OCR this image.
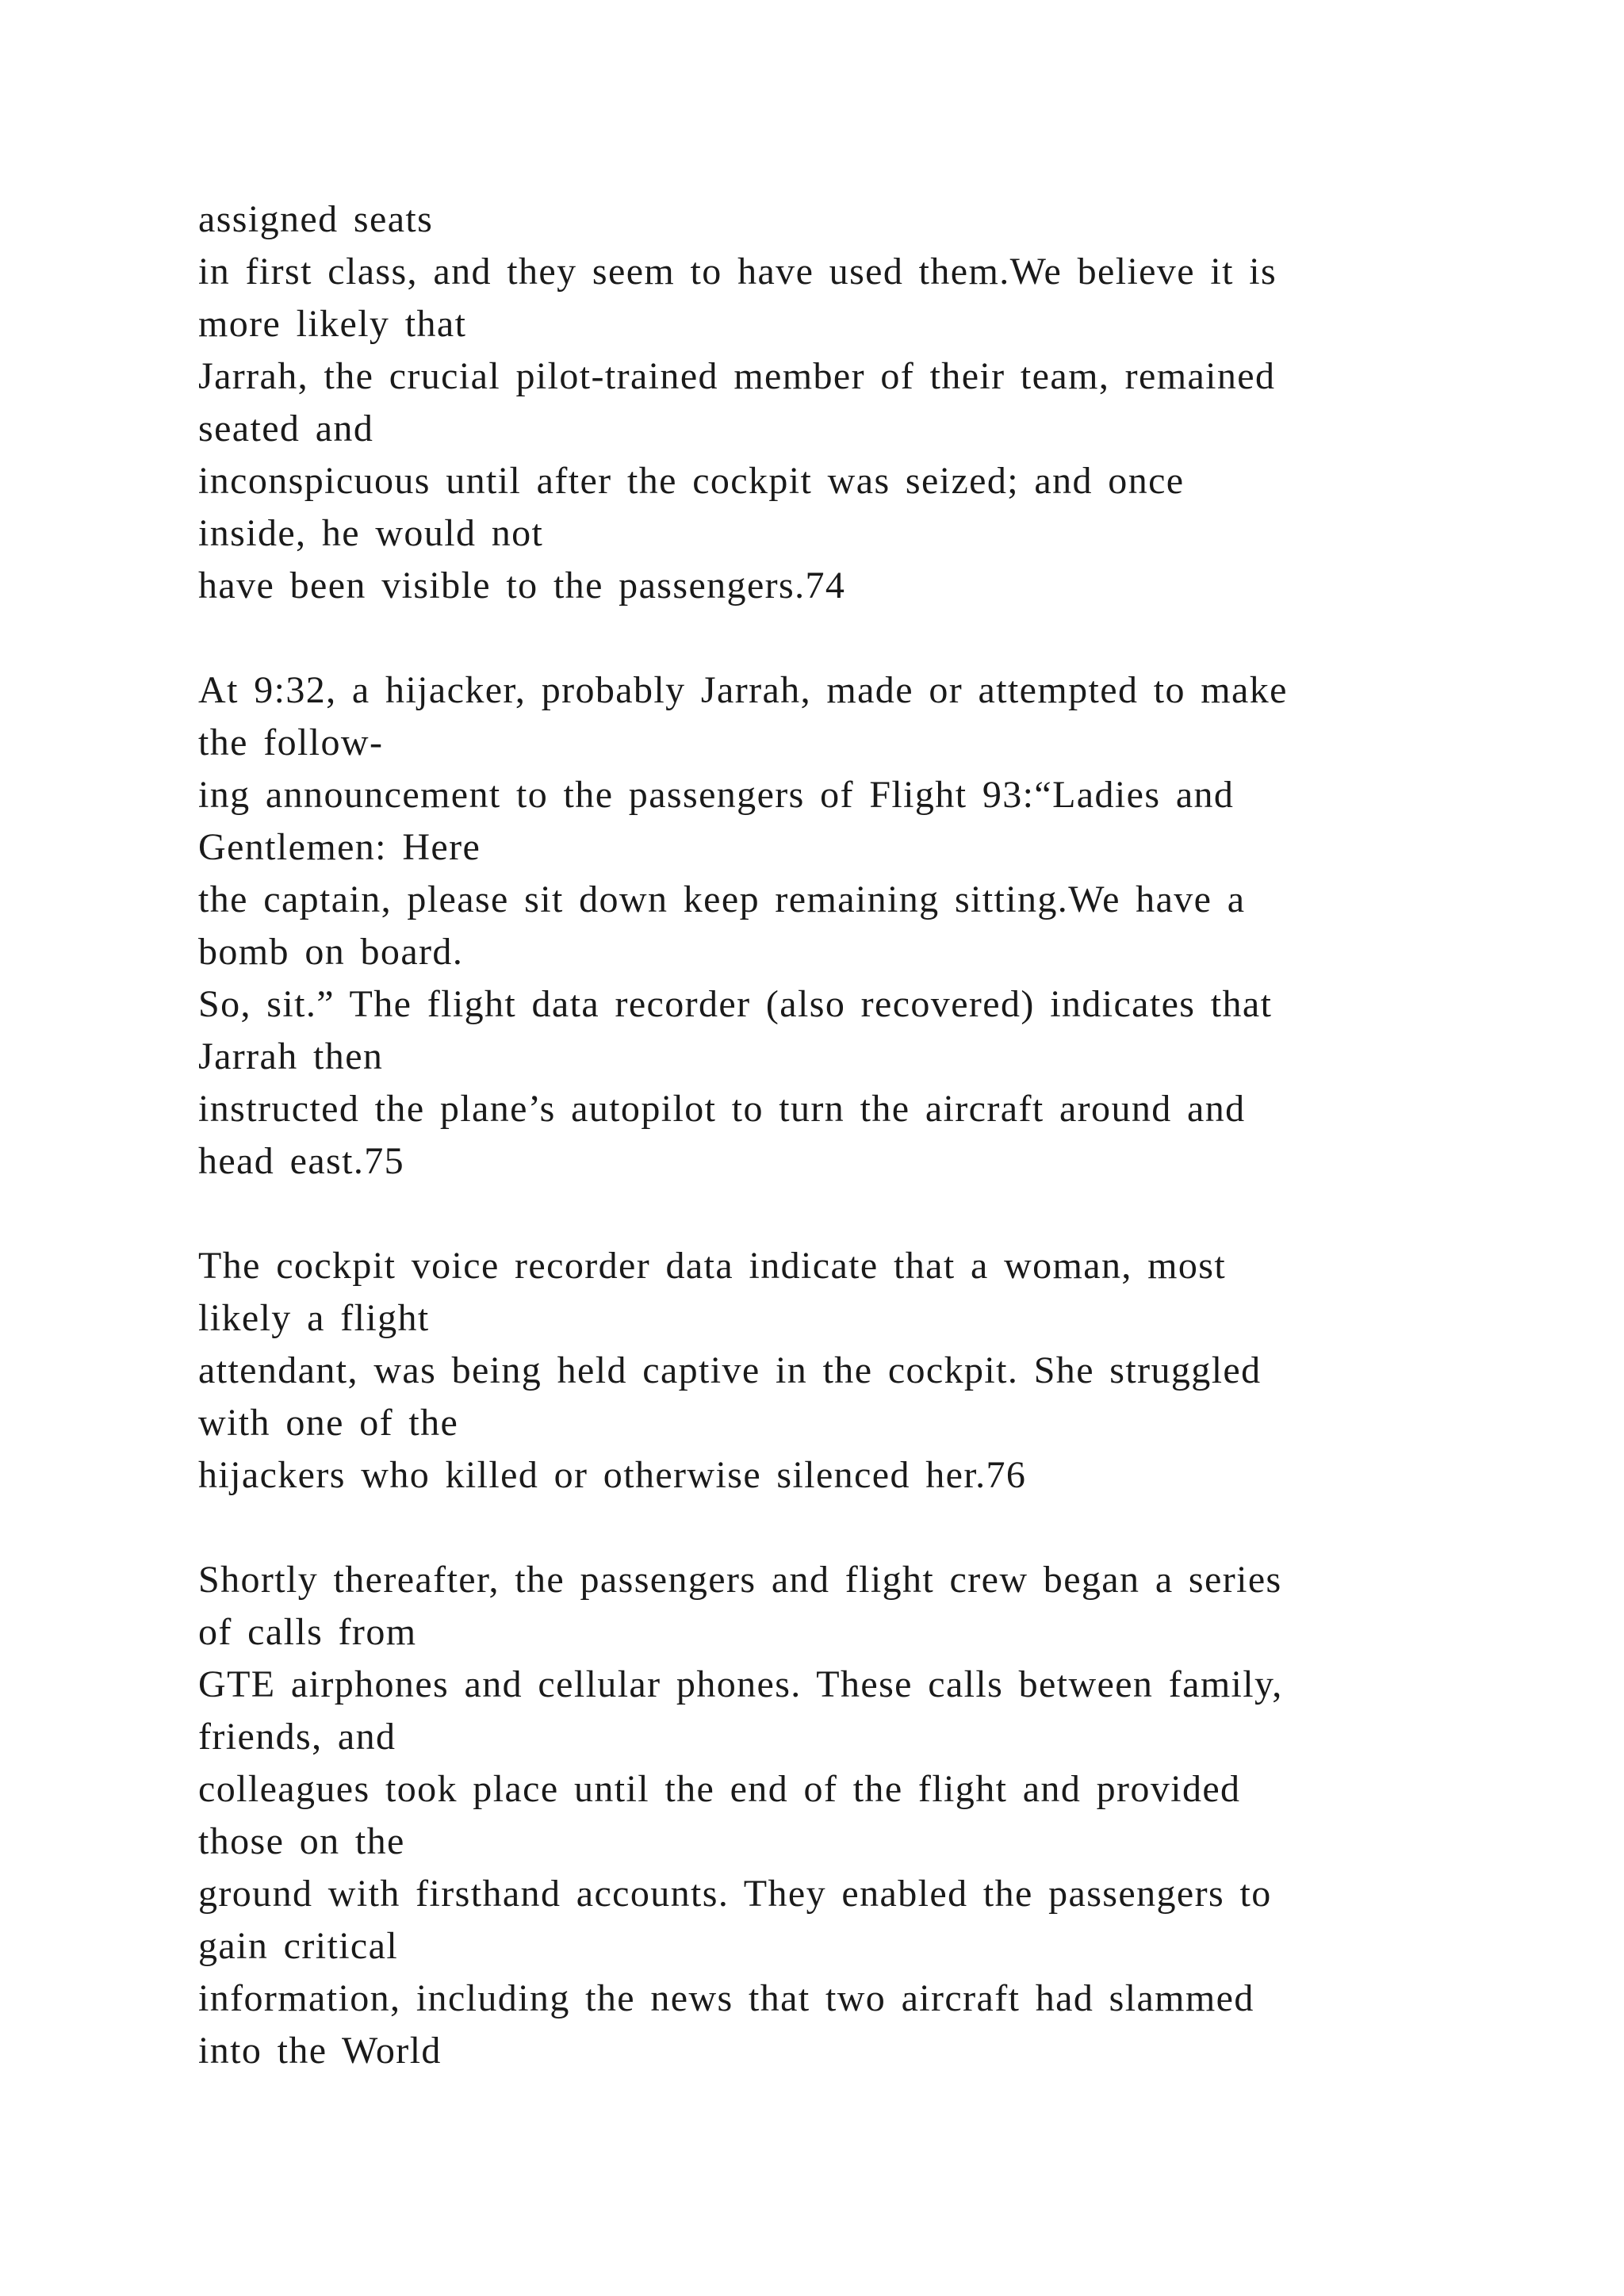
assigned seats
in first class, and they seem to have used them.We believe it is
more likely that
Jarrah, the crucial pilot-trained member of their team, remained
seated and
inconspicuous until after the cockpit was seized; and once
inside, he would not
have been visible to the passengers.74
At 9:32, a hijacker, probably Jarrah, made or attempted to make
the follow-
ing announcement to the passengers of Flight 93:“Ladies and
Gentlemen: Here
the captain, please sit down keep remaining sitting.We have a
bomb on board.
So, sit.” The flight data recorder (also recovered) indicates that
Jarrah then
instructed the plane’s autopilot to turn the aircraft around and
head east.75
The cockpit voice recorder data indicate that a woman, most
likely a flight
attendant, was being held captive in the cockpit. She struggled
with one of the
hijackers who killed or otherwise silenced her.76
Shortly thereafter, the passengers and flight crew began a series
of calls from
GTE airphones and cellular phones. These calls between family,
friends, and
colleagues took place until the end of the flight and provided
those on the
ground with firsthand accounts. They enabled the passengers to
gain critical
information, including the news that two aircraft had slammed
into the World
